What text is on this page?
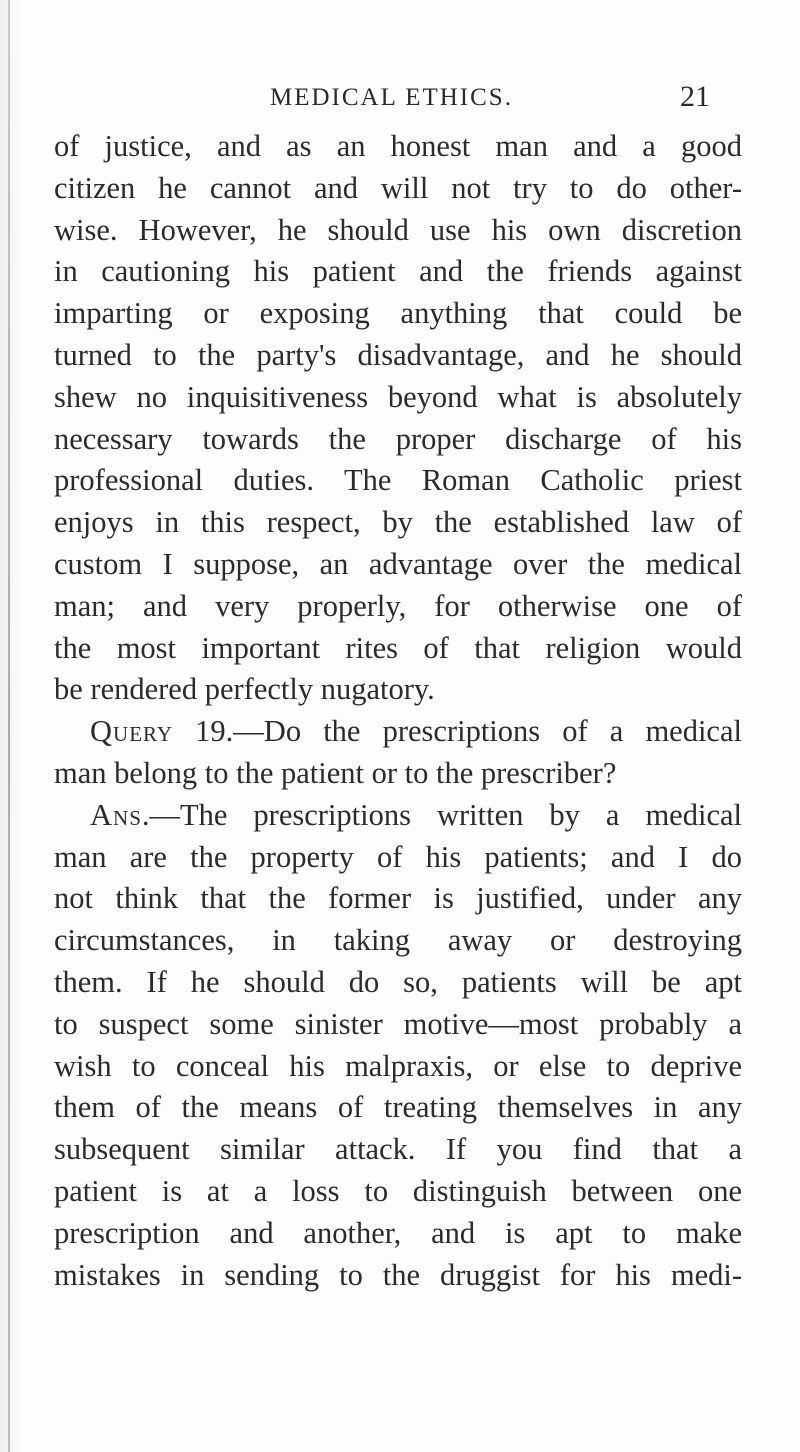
MEDICAL ETHICS.	21
of justice, and as an honest man and a good
citizen he cannot and will not try to do other-
wise. However, he should use his own discretion
in cautioning his patient and the friends against
imparting or exposing anything that could be
turned to the party's disadvantage, and he should
shew no inquisitiveness beyond what is absolutely
necessary towards the proper discharge of his
professional duties. The Roman Catholic priest
enjoys in this respect, by the established law of
custom I suppose, an advantage over the medical
man; and very properly, for otherwise one of
the most important rites of that religion would
be rendered perfectly nugatory.
Query 19.—Do the prescriptions of a medical
man belong to the patient or to the prescriber?
Ans.—The prescriptions written by a medical
man are the property of his patients; and I do
not think that the former is justified, under any
circumstances, in taking away or destroying
them. If he should do so, patients will be apt
to suspect some sinister motive—most probably a
wish to conceal his malpraxis, or else to deprive
them of the means of treating themselves in any
subsequent similar attack. If you find that a
patient is at a loss to distinguish between one
prescription and another, and is apt to make
mistakes in sending to the druggist for his medi-
